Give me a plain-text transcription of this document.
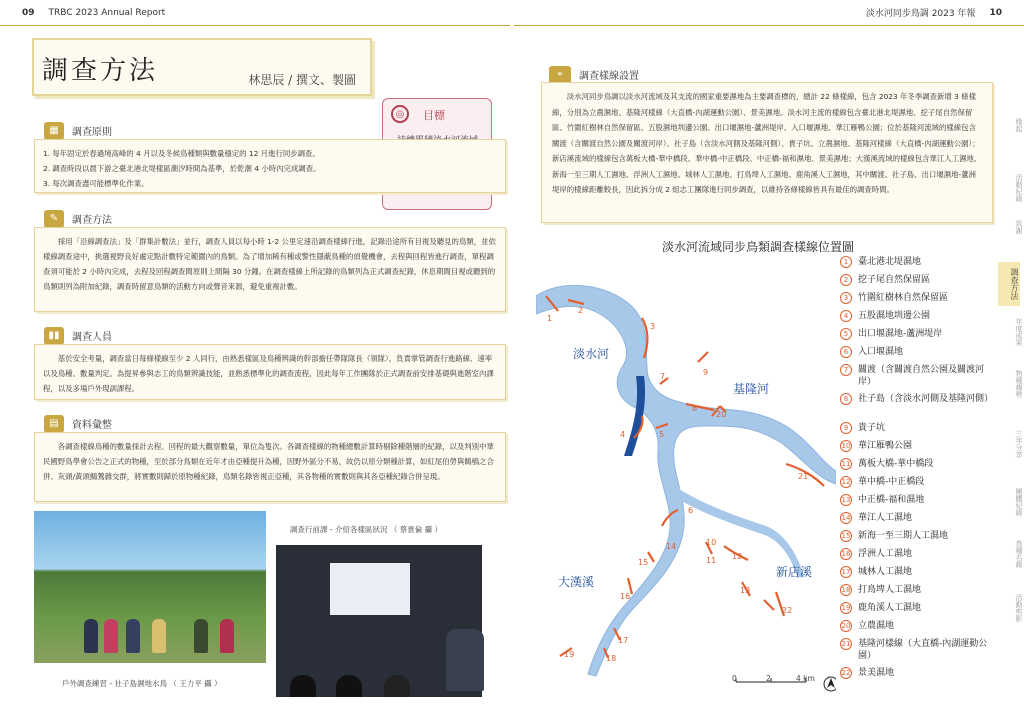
09 TRBC 2023 Annual Report	淡水河同步鳥調 2023 年報 10
調查方法	林思辰 / 撰文、製圖
◎	目標
▦	調查原則

1. 每年固定於春過境高峰的 4 月以及冬候鳥種類與數量穩定的 12 月進行同步調查。

2. 調查時段以晨下游之臺北港北堤樣區潮汐時間為基準，於乾潮 4 小時內完成調查。

3. 每次調查盡可能標準化作業。

✎	調查方法

採用「沿線調查法」及「群集計數法」並行，調查人員以每小時 1-2 公里定速沿調查樣線行進，記錄沿途所有目視及聽見的鳥類，並依樣線調查途中，挑選視野良好處定點計數特定範圍內的鳥類。為了增加稀有種或警性隱蔽鳥種的偵覺機會，去程與回程皆進行調查，單程調查須可能於 2 小時內完成，去程及回程調查間原則上間隔 30 分鐘。在調查樣線上所記錄的鳥類列為正式調查紀錄，休息期間目視或聽到的鳥類則列為附加紀錄，調查時留意鳥類的活動方向或聲音來源，避免重複計數。

▮▮	調查人員

基於安全考量，調查當日每條樣線至少 2 人同行，由熟悉樣區及鳥種辨識的幹部擔任帶隊隊長（領隊），負責掌管調查行進路線、速率以及鳥種、數量判定。為提昇參與志工的鳥類辨識技能，並熟悉標準化的調查流程，因此每年工作團隊於正式調查前安排基礎與進階室內課程，以及多場戶外現訓課程。

▤	資料彙整

各調查樣線鳥種的數量採計去程、回程的最大觀察數量，單位為隻次。各調查樣線的物種總數計算時剔除種階層的紀錄，以及判別中華民國野鳥學會公告之正式的物種，至於部分鳥類在近年才由亞種提升為種，因野外區分不易，故仍以原分類種計算，如紅尾伯勞與鵲鴝之合併、灰頭/黃頭鷦鶯雜交群，將實數則歸於原物種紀錄，鳥類名錄皆視正亞種，其各物種的實數則與其各亞種紀錄合併呈現。

戶外調查練習 - 社子島濕地水鳥 （ 王力平 攝 ）
調查行前課 - 介紹各樣區狀況 （ 蔡貴倫 攝 ）
⌖	調查樣線設置

淡水河同步鳥調以淡水河流域及其支流的國家重要濕地為主要調查標的，總計 22 條樣線，包含 2023 年冬季調查新增 3 條樣線，分別為立農濕地、基隆河樣線（大直橋-內湖運動公園）、景美濕地。淡水河主流的樣線包含臺北港北堤濕地、挖子尾自然保留區、竹圍紅樹林自然保留區、五股濕地圳邊公園、出口堰濕地-蘆洲堤岸、入口堰濕地、華江雁鴨公園；位於基隆河流域的樣線包含關渡（含關渡自然公園及關渡河岸）、社子島（含淡水河側及基隆河側）、貴子坑、立農濕地、基隆河樣線（大直橋-內湖運動公園）；新店溪流域的樣線包含萬板大橋-華中橋段、華中橋-中正橋段、中正橋-福和濕地、景美濕地；大漢溪流域的樣線包含華江人工濕地、新海一至三期人工濕地、浮洲人工濕地、城林人工濕地、打鳥埤人工濕地、鹿角溪人工濕地，其中關渡、社子島、出口堰濕地-蘆洲堤岸的樣線距離較長，因此拆分成 2 組志工團隊進行同步調查，以維持各條樣線皆具有最佳的調查時間。

淡水河流域同步鳥類調查樣線位置圖
1
2
3
4	5
6
7
8
9
10
11 12
13
14
15
16
17
18
19
20
21
22
淡水河
基隆河
大漢溪
新店溪
0	2	4 km
1	臺北港北堤濕地
2	挖子尾自然保留區
3	竹圍紅樹林自然保留區
4	五股濕地圳邊公園
5	出口堰濕地-蘆洲堤岸
6	入口堰濕地
7	關渡（含關渡自然公園及關渡河岸）
8	社子島（含淡水河側及基隆河側）
9	貴子坑
10 華江雁鴨公園
11 萬板大橋-華中橋段
12 華中橋-中正橋段
13 中正橋-福和濕地
14 華江人工濕地
15 新海一至三期人工濕地
16 浮洲人工濕地
17 城林人工濕地
18 打鳥埤人工濕地
19 鹿角溪人工濕地
20 立農濕地
21 基隆河樣線（大直橋-內湖運動公園）
22 景美濕地
緣起
活動紀錄
致謝
調查方法
年度成果
物種趨勢
三年分享
團體紀錄
鳥種名錄
活動剪影
